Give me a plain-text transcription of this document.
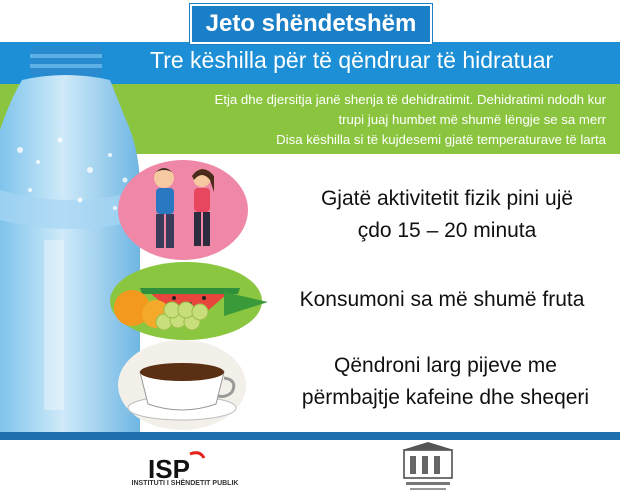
Jeto shëndetshëm
Tre këshilla për të qëndruar të hidratuar
Etja dhe djersitja janë shenja të dehidratimit. Dehidratimi ndodh kur
trupi juaj humbet më shumë lëngje se sa merr
Disa këshilla si të kujdesemi gjatë temperaturave të larta
Gjatë aktivitetit fizik pini ujë
çdo 15 – 20 minuta
Konsumoni sa më shumë fruta
Qëndroni larg pijeve me
përmbajtje kafeine dhe sheqeri
ISP
INSTITUTI I SHËNDETIT PUBLIK
